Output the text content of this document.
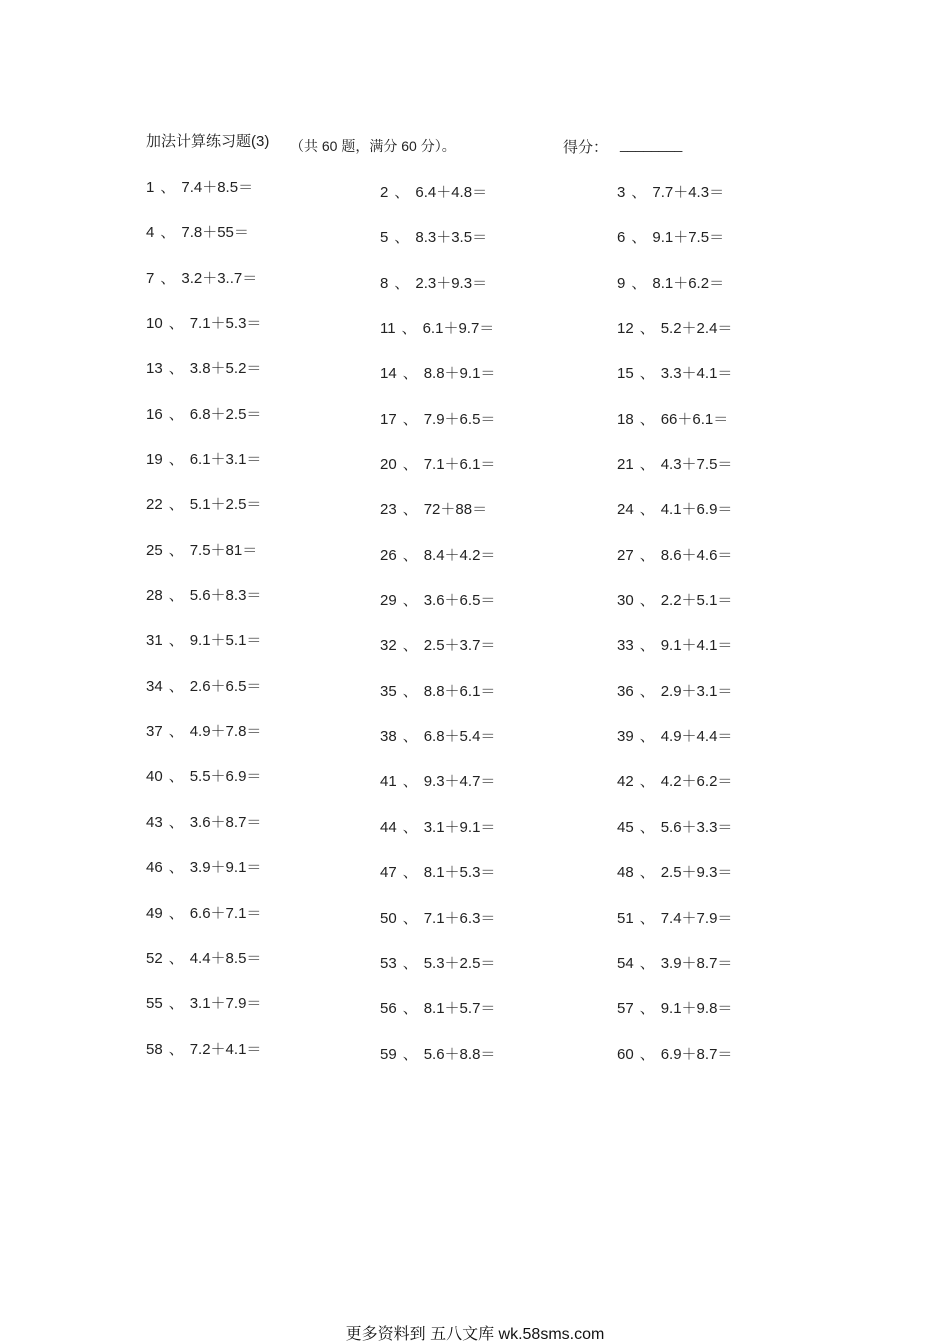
加法计算练习题(3) （共 60 题，满分 60 分）。	得分： ________
1 、 7.4＋8.5＝	2 、 6.4＋4.8＝	3 、 7.7＋4.3＝
4 、 7.8＋55＝	5 、 8.3＋3.5＝	6 、 9.1＋7.5＝
7 、 3.2＋3..7＝	8 、 2.3＋9.3＝	9 、 8.1＋6.2＝
10 、 7.1＋5.3＝	11 、 6.1＋9.7＝	12 、 5.2＋2.4＝
13 、 3.8＋5.2＝	14 、 8.8＋9.1＝	15 、 3.3＋4.1＝
16 、 6.8＋2.5＝	17 、 7.9＋6.5＝	18 、 66＋6.1＝
19 、 6.1＋3.1＝	20 、 7.1＋6.1＝	21 、 4.3＋7.5＝
22 、 5.1＋2.5＝	23 、 72＋88＝	24 、 4.1＋6.9＝
25 、 7.5＋81＝	26 、 8.4＋4.2＝	27 、 8.6＋4.6＝
28 、 5.6＋8.3＝	29 、 3.6＋6.5＝	30 、 2.2＋5.1＝
31 、 9.1＋5.1＝	32 、 2.5＋3.7＝	33 、 9.1＋4.1＝
34 、 2.6＋6.5＝	35 、 8.8＋6.1＝	36 、 2.9＋3.1＝
37 、 4.9＋7.8＝	38 、 6.8＋5.4＝	39 、 4.9＋4.4＝
40 、 5.5＋6.9＝	41 、 9.3＋4.7＝	42 、 4.2＋6.2＝
43 、 3.6＋8.7＝	44 、 3.1＋9.1＝	45 、 5.6＋3.3＝
46 、 3.9＋9.1＝	47 、 8.1＋5.3＝	48 、 2.5＋9.3＝
49 、 6.6＋7.1＝	50 、 7.1＋6.3＝	51 、 7.4＋7.9＝
52 、 4.4＋8.5＝	53 、 5.3＋2.5＝	54 、 3.9＋8.7＝
55 、 3.1＋7.9＝	56 、 8.1＋5.7＝	57 、 9.1＋9.8＝
58 、 7.2＋4.1＝	59 、 5.6＋8.8＝	60 、 6.9＋8.7＝
更多资料到 五八文库 wk.58sms.com
